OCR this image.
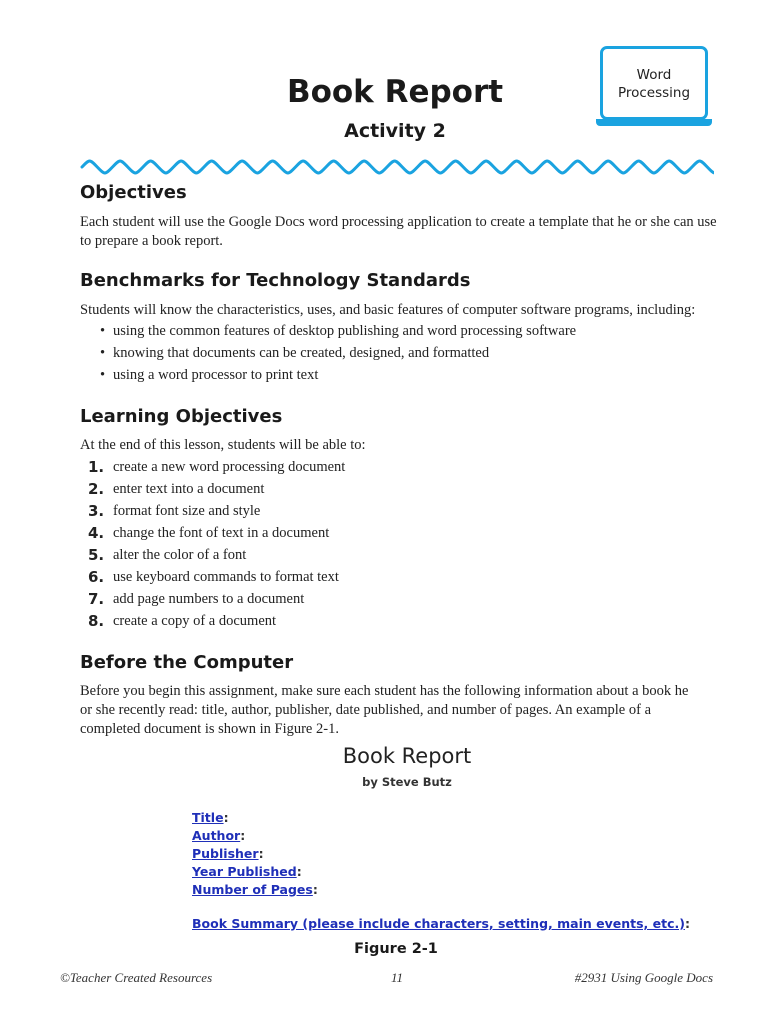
Book Report
Activity 2
Word
Processing
Objectives

Each student will use the Google Docs word processing application to create a template that he or she can use to prepare a book report.

Benchmarks for Technology Standards

Students will know the characteristics, uses, and basic features of computer software programs, including:

• using the common features of desktop publishing and word processing software
• knowing that documents can be created, designed, and formatted
• using a word processor to print text
Learning Objectives

At the end of this lesson, students will be able to:

1. create a new word processing document
2. enter text into a document
3. format font size and style
4. change the font of text in a document
5. alter the color of a font
6. use keyboard commands to format text
7. add page numbers to a document
8. create a copy of a document
Before the Computer

Before you begin this assignment, make sure each student has the following information about a book he or she recently read: title, author, publisher, date published, and number of pages. An example of a completed document is shown in Figure 2-1.

Book Report
by Steve Butz
Title:
Author:
Publisher:
Year Published:
Number of Pages:
Book Summary (please include characters, setting, main events, etc.):
Figure 2-1
©Teacher Created Resources	11	#2931 Using Google Docs
